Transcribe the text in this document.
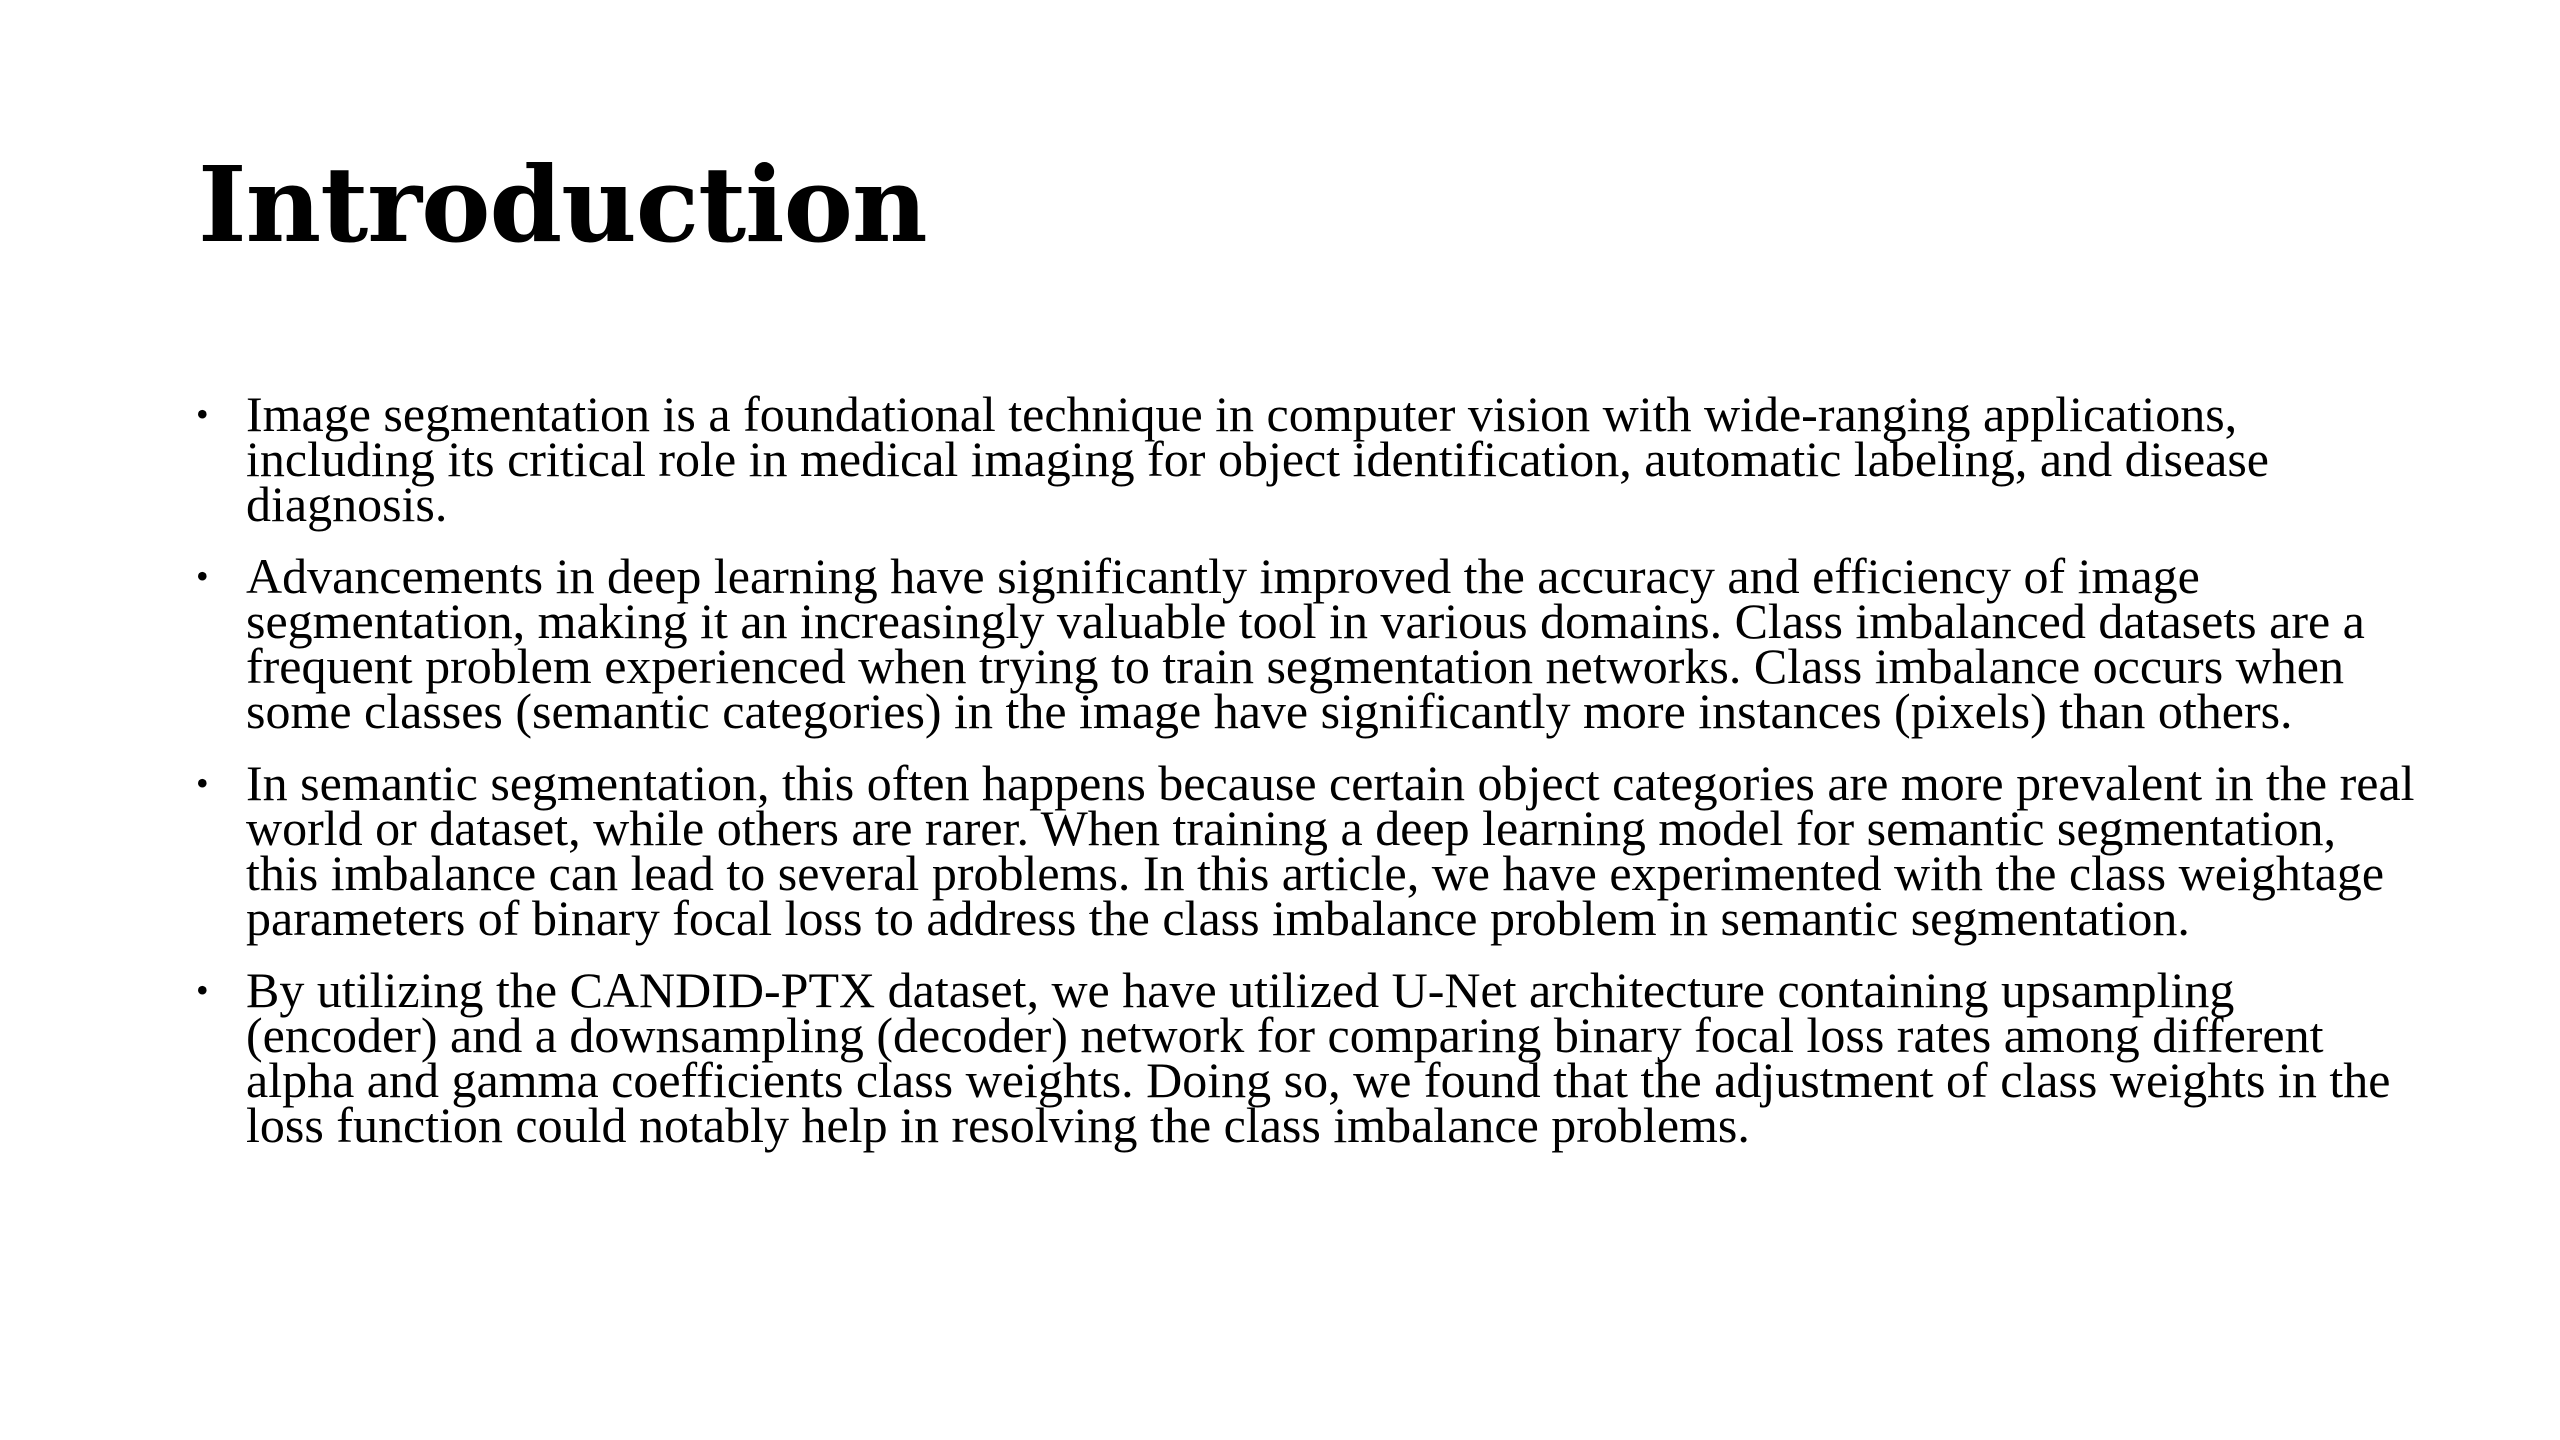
Introduction
• Image segmentation is a foundational technique in computer vision with wide-ranging applications, including its critical role in medical imaging for object identification, automatic labeling, and disease diagnosis.
• Advancements in deep learning have significantly improved the accuracy and efficiency of image segmentation, making it an increasingly valuable tool in various domains. Class imbalanced datasets are a frequent problem experienced when trying to train segmentation networks. Class imbalance occurs when some classes (semantic categories) in the image have significantly more instances (pixels) than others.
• In semantic segmentation, this often happens because certain object categories are more prevalent in the real world or dataset, while others are rarer. When training a deep learning model for semantic segmentation, this imbalance can lead to several problems. In this article, we have experimented with the class weightage parameters of binary focal loss to address the class imbalance problem in semantic segmentation.
• By utilizing the CANDID-PTX dataset, we have utilized U-Net architecture containing upsampling (encoder) and a downsampling (decoder) network for comparing binary focal loss rates among different alpha and gamma coefficients class weights. Doing so, we found that the adjustment of class weights in the loss function could notably help in resolving the class imbalance problems.
